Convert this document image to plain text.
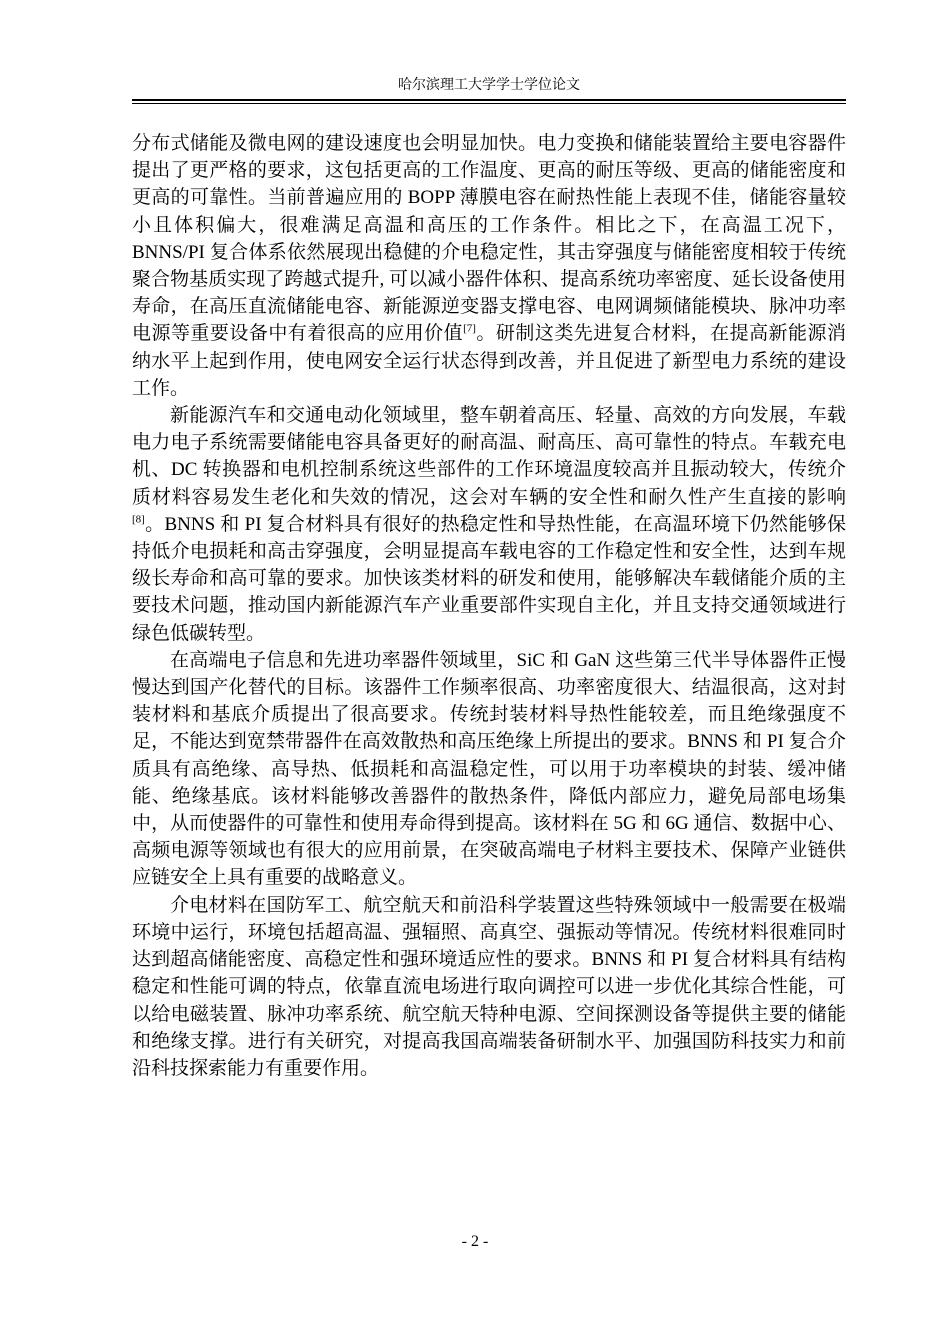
哈尔滨理工大学学士学位论文

分布式储能及微电网的建设速度也会明显加快。电力变换和储能装置给主要电容器件提出了更严格的要求，这包括更高的工作温度、更高的耐压等级、更高的储能密度和更高的可靠性。当前普遍应用的 BOPP 薄膜电容在耐热性能上表现不佳，储能容量较小且体积偏大，很难满足高温和高压的工作条件。相比之下，在高温工况下，BNNS/PI 复合体系依然展现出稳健的介电稳定性，其击穿强度与储能密度相较于传统聚合物基质实现了跨越式提升, 可以减小器件体积、提高系统功率密度、延长设备使用寿命，在高压直流储能电容、新能源逆变器支撑电容、电网调频储能模块、脉冲功率电源等重要设备中有着很高的应用价值[7]。研制这类先进复合材料，在提高新能源消纳水平上起到作用，使电网安全运行状态得到改善，并且促进了新型电力系统的建设工作。

新能源汽车和交通电动化领域里，整车朝着高压、轻量、高效的方向发展，车载电力电子系统需要储能电容具备更好的耐高温、耐高压、高可靠性的特点。车载充电机、DC 转换器和电机控制系统这些部件的工作环境温度较高并且振动较大，传统介质材料容易发生老化和失效的情况，这会对车辆的安全性和耐久性产生直接的影响[8]。BNNS 和 PI 复合材料具有很好的热稳定性和导热性能，在高温环境下仍然能够保持低介电损耗和高击穿强度，会明显提高车载电容的工作稳定性和安全性，达到车规级长寿命和高可靠的要求。加快该类材料的研发和使用，能够解决车载储能介质的主要技术问题，推动国内新能源汽车产业重要部件实现自主化，并且支持交通领域进行绿色低碳转型。

在高端电子信息和先进功率器件领域里，SiC 和 GaN 这些第三代半导体器件正慢慢达到国产化替代的目标。该器件工作频率很高、功率密度很大、结温很高，这对封装材料和基底介质提出了很高要求。传统封装材料导热性能较差，而且绝缘强度不足，不能达到宽禁带器件在高效散热和高压绝缘上所提出的要求。BNNS 和 PI 复合介质具有高绝缘、高导热、低损耗和高温稳定性，可以用于功率模块的封装、缓冲储能、绝缘基底。该材料能够改善器件的散热条件，降低内部应力，避免局部电场集中，从而使器件的可靠性和使用寿命得到提高。该材料在 5G 和 6G 通信、数据中心、高频电源等领域也有很大的应用前景，在突破高端电子材料主要技术、保障产业链供应链安全上具有重要的战略意义。

介电材料在国防军工、航空航天和前沿科学装置这些特殊领域中一般需要在极端环境中运行，环境包括超高温、强辐照、高真空、强振动等情况。传统材料很难同时达到超高储能密度、高稳定性和强环境适应性的要求。BNNS 和 PI 复合材料具有结构稳定和性能可调的特点，依靠直流电场进行取向调控可以进一步优化其综合性能，可以给电磁装置、脉冲功率系统、航空航天特种电源、空间探测设备等提供主要的储能和绝缘支撑。进行有关研究，对提高我国高端装备研制水平、加强国防科技实力和前沿科技探索能力有重要作用。

- 2 -
